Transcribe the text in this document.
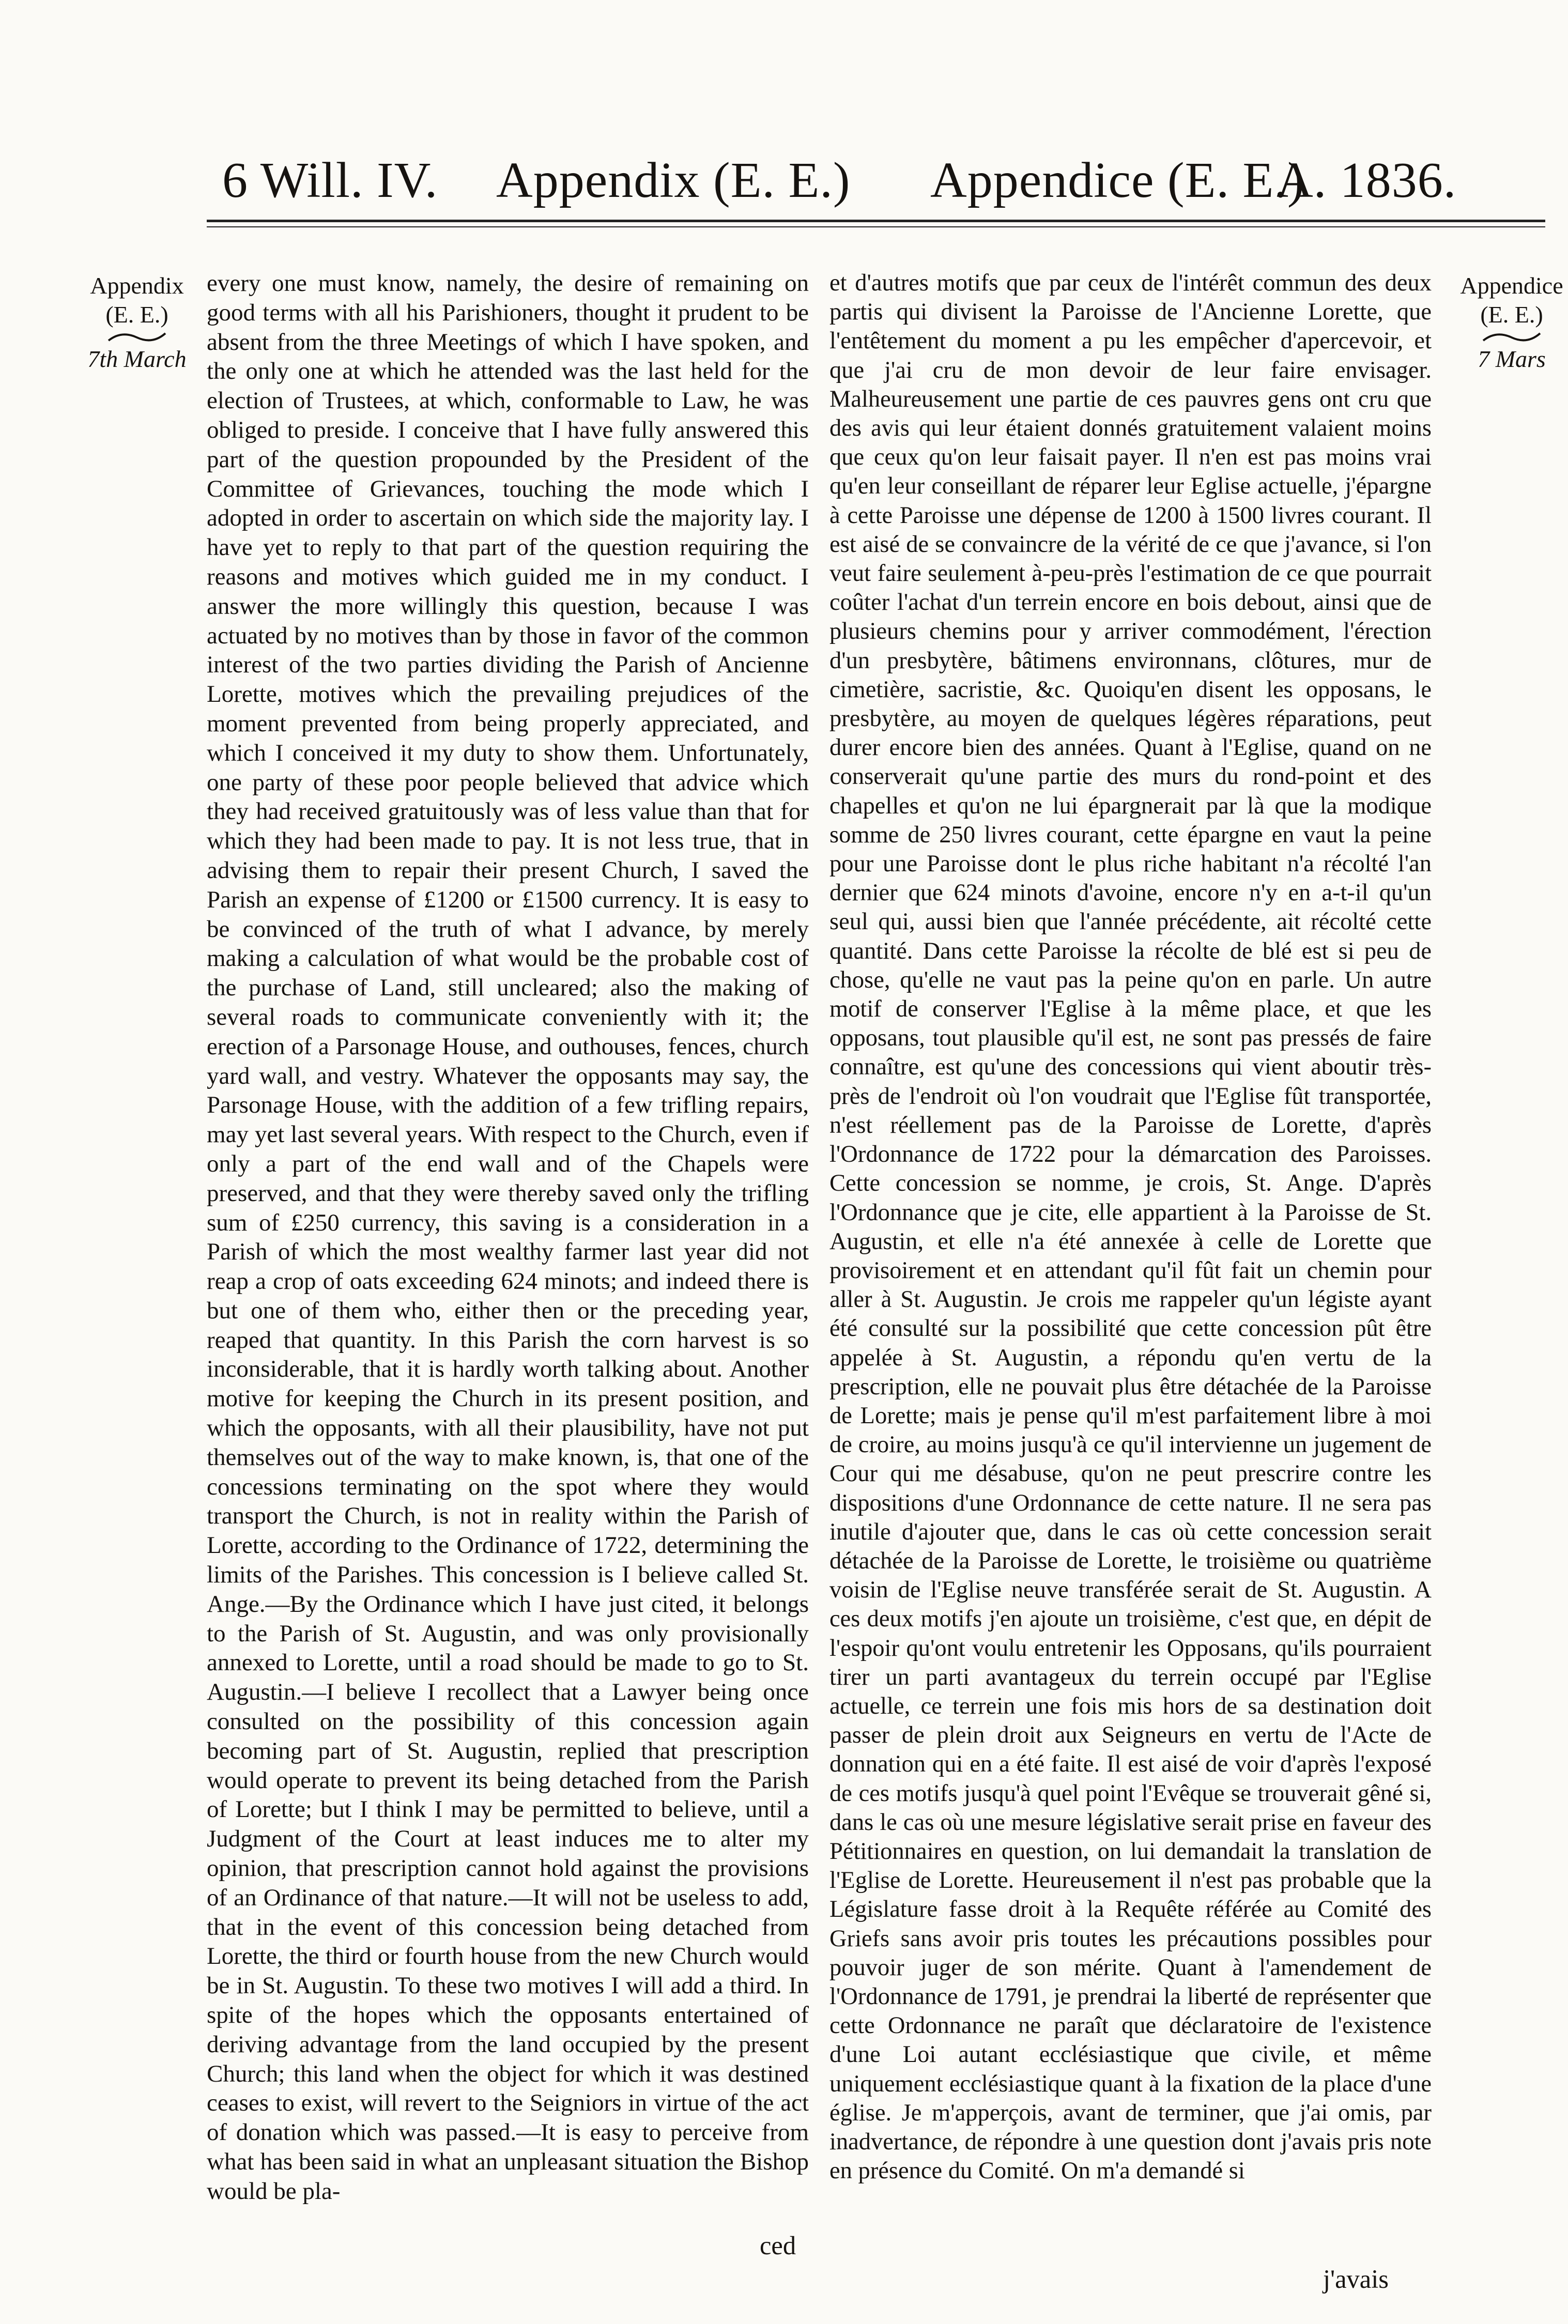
6 Will. IV. Appendix (E. E.) Appendice (E. E.)
A. 1836.
Appendix
(E. E.)
7th March
Appendice
(E. E.)
7 Mars

every one must know, namely, the desire of remaining on good terms with all his Parishioners, thought it prudent to be absent from the three Meetings of which I have spoken, and the only one at which he attended was the last held for the election of Trustees, at which, conformable to Law, he was obliged to preside. I conceive that I have fully answered this part of the question propounded by the President of the Committee of Grievances, touching the mode which I adopted in order to ascertain on which side the majority lay. I have yet to reply to that part of the question requiring the reasons and motives which guided me in my conduct. I answer the more willingly this question, because I was actuated by no motives than by those in favor of the common interest of the two parties dividing the Parish of Ancienne Lorette, motives which the prevailing prejudices of the moment prevented from being properly appreciated, and which I conceived it my duty to show them. Unfortunately, one party of these poor people believed that advice which they had received gratuitously was of less value than that for which they had been made to pay. It is not less true, that in advising them to repair their present Church, I saved the Parish an expense of £1200 or £1500 currency. It is easy to be convinced of the truth of what I advance, by merely making a calculation of what would be the probable cost of the purchase of Land, still uncleared; also the making of several roads to communicate conveniently with it; the erection of a Parsonage House, and outhouses, fences, church yard wall, and vestry. Whatever the opposants may say, the Parsonage House, with the addition of a few trifling repairs, may yet last several years. With respect to the Church, even if only a part of the end wall and of the Chapels were preserved, and that they were thereby saved only the trifling sum of £250 currency, this saving is a consideration in a Parish of which the most wealthy farmer last year did not reap a crop of oats exceeding 624 minots; and indeed there is but one of them who, either then or the preceding year, reaped that quantity. In this Parish the corn harvest is so inconsiderable, that it is hardly worth talking about. Another motive for keeping the Church in its present position, and which the opposants, with all their plausibility, have not put themselves out of the way to make known, is, that one of the concessions terminating on the spot where they would transport the Church, is not in reality within the Parish of Lorette, according to the Ordinance of 1722, determining the limits of the Parishes. This concession is I believe called St. Ange.—By the Ordinance which I have just cited, it belongs to the Parish of St. Augustin, and was only provisionally annexed to Lorette, until a road should be made to go to St. Augustin.—I believe I recollect that a Lawyer being once consulted on the possibility of this concession again becoming part of St. Augustin, replied that prescription would operate to prevent its being detached from the Parish of Lorette; but I think I may be permitted to believe, until a Judgment of the Court at least induces me to alter my opinion, that prescription cannot hold against the provisions of an Ordinance of that nature.—It will not be useless to add, that in the event of this concession being detached from Lorette, the third or fourth house from the new Church would be in St. Augustin. To these two motives I will add a third. In spite of the hopes which the opposants entertained of deriving advantage from the land occupied by the present Church; this land when the object for which it was destined ceases to exist, will revert to the Seigniors in virtue of the act of donation which was passed.—It is easy to perceive from what has been said in what an unpleasant situation the Bishop would be pla-

ced

et d'autres motifs que par ceux de l'intérêt commun des deux partis qui divisent la Paroisse de l'Ancienne Lorette, que l'entêtement du moment a pu les empêcher d'apercevoir, et que j'ai cru de mon devoir de leur faire envisager. Malheureusement une partie de ces pauvres gens ont cru que des avis qui leur étaient donnés gratuitement valaient moins que ceux qu'on leur faisait payer. Il n'en est pas moins vrai qu'en leur conseillant de réparer leur Eglise actuelle, j'épargne à cette Paroisse une dépense de 1200 à 1500 livres courant. Il est aisé de se convaincre de la vérité de ce que j'avance, si l'on veut faire seulement à-peu-près l'estimation de ce que pourrait coûter l'achat d'un terrein encore en bois debout, ainsi que de plusieurs chemins pour y arriver commodément, l'érection d'un presbytère, bâtimens environnans, clôtures, mur de cimetière, sacristie, &c. Quoiqu'en disent les opposans, le presbytère, au moyen de quelques légères réparations, peut durer encore bien des années. Quant à l'Eglise, quand on ne conserverait qu'une partie des murs du rond-point et des chapelles et qu'on ne lui épargnerait par là que la modique somme de 250 livres courant, cette épargne en vaut la peine pour une Paroisse dont le plus riche habitant n'a récolté l'an dernier que 624 minots d'avoine, encore n'y en a-t-il qu'un seul qui, aussi bien que l'année précédente, ait récolté cette quantité. Dans cette Paroisse la récolte de blé est si peu de chose, qu'elle ne vaut pas la peine qu'on en parle. Un autre motif de conserver l'Eglise à la même place, et que les opposans, tout plausible qu'il est, ne sont pas pressés de faire connaître, est qu'une des concessions qui vient aboutir très-près de l'endroit où l'on voudrait que l'Eglise fût transportée, n'est réellement pas de la Paroisse de Lorette, d'après l'Ordonnance de 1722 pour la démarcation des Paroisses. Cette concession se nomme, je crois, St. Ange. D'après l'Ordonnance que je cite, elle appartient à la Paroisse de St. Augustin, et elle n'a été annexée à celle de Lorette que provisoirement et en attendant qu'il fût fait un chemin pour aller à St. Augustin. Je crois me rappeler qu'un légiste ayant été consulté sur la possibilité que cette concession pût être appelée à St. Augustin, a répondu qu'en vertu de la prescription, elle ne pouvait plus être détachée de la Paroisse de Lorette; mais je pense qu'il m'est parfaitement libre à moi de croire, au moins jusqu'à ce qu'il intervienne un jugement de Cour qui me désabuse, qu'on ne peut prescrire contre les dispositions d'une Ordonnance de cette nature. Il ne sera pas inutile d'ajouter que, dans le cas où cette concession serait détachée de la Paroisse de Lorette, le troisième ou quatrième voisin de l'Eglise neuve transférée serait de St. Augustin. A ces deux motifs j'en ajoute un troisième, c'est que, en dépit de l'espoir qu'ont voulu entretenir les Opposans, qu'ils pourraient tirer un parti avantageux du terrein occupé par l'Eglise actuelle, ce terrein une fois mis hors de sa destination doit passer de plein droit aux Seigneurs en vertu de l'Acte de donnation qui en a été faite. Il est aisé de voir d'après l'exposé de ces motifs jusqu'à quel point l'Evêque se trouverait gêné si, dans le cas où une mesure législative serait prise en faveur des Pétitionnaires en question, on lui demandait la translation de l'Eglise de Lorette. Heureusement il n'est pas probable que la Législature fasse droit à la Requête référée au Comité des Griefs sans avoir pris toutes les précautions possibles pour pouvoir juger de son mérite. Quant à l'amendement de l'Ordonnance de 1791, je prendrai la liberté de représenter que cette Ordonnance ne paraît que déclaratoire de l'existence d'une Loi autant ecclésiastique que civile, et même uniquement ecclésiastique quant à la fixation de la place d'une église. Je m'apperçois, avant de terminer, que j'ai omis, par inadvertance, de répondre à une question dont j'avais pris note en présence du Comité. On m'a demandé si

j'avais
